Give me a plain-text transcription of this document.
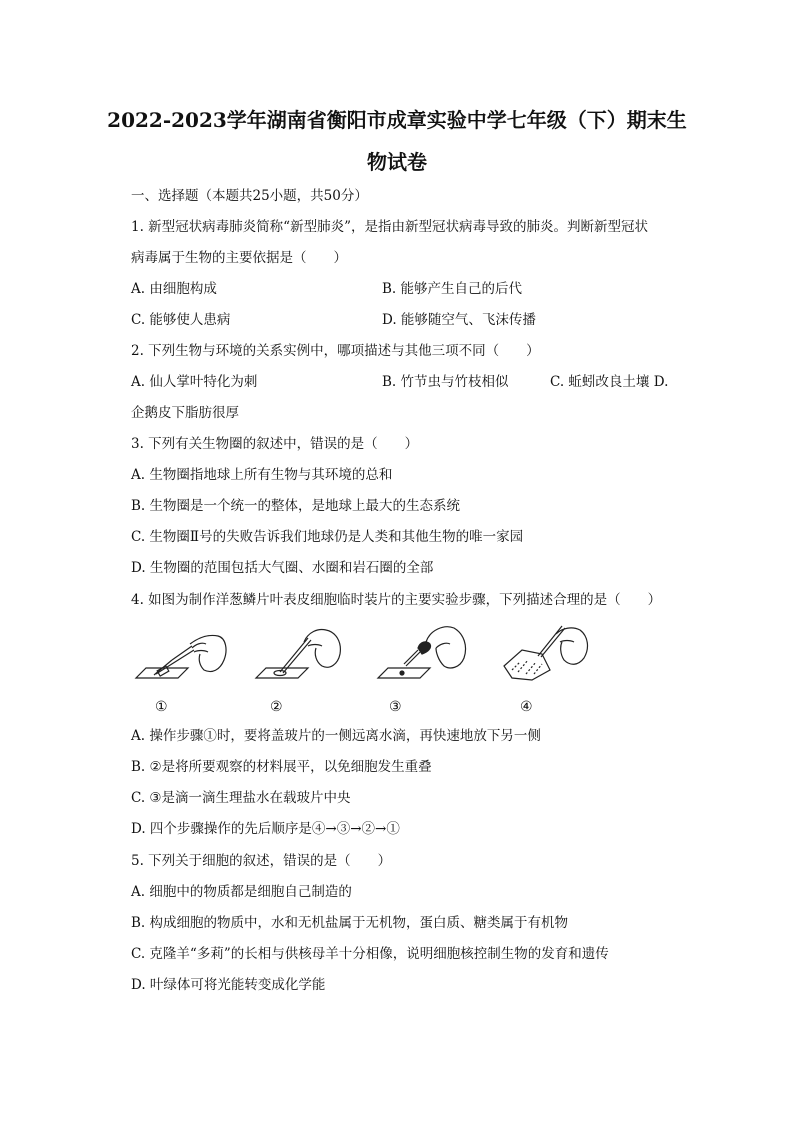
2022-2023学年湖南省衡阳市成章实验中学七年级（下）期末生
物试卷

一、选择题（本题共25小题，共50分）

1. 新型冠状病毒肺炎简称“新型肺炎”，是指由新型冠状病毒导致的肺炎。判断新型冠状

病毒属于生物的主要依据是（　　）

A. 由细胞构成	B. 能够产生自己的后代

C. 能够使人患病	D. 能够随空气、飞沫传播

2. 下列生物与环境的关系实例中，哪项描述与其他三项不同（　　）

A. 仙人掌叶特化为刺	B. 竹节虫与竹枝相似	C. 蚯蚓改良土壤 D.

企鹅皮下脂肪很厚

3. 下列有关生物圈的叙述中，错误的是（　　）

A. 生物圈指地球上所有生物与其环境的总和

B. 生物圈是一个统一的整体，是地球上最大的生态系统

C. 生物圈Ⅱ号的失败告诉我们地球仍是人类和其他生物的唯一家园

D. 生物圈的范围包括大气圈、水圈和岩石圈的全部

4. 如图为制作洋葱鳞片叶表皮细胞临时装片的主要实验步骤，下列描述合理的是（　　）

①	②	③	④

A. 操作步骤①时，要将盖玻片的一侧远离水滴，再快速地放下另一侧

B. ②是将所要观察的材料展平，以免细胞发生重叠

C. ③是滴一滴生理盐水在载玻片中央

D. 四个步骤操作的先后顺序是④→③→②→①

5. 下列关于细胞的叙述，错误的是（　　）

A. 细胞中的物质都是细胞自己制造的

B. 构成细胞的物质中，水和无机盐属于无机物，蛋白质、糖类属于有机物

C. 克隆羊“多莉”的长相与供核母羊十分相像，说明细胞核控制生物的发育和遗传

D. 叶绿体可将光能转变成化学能
